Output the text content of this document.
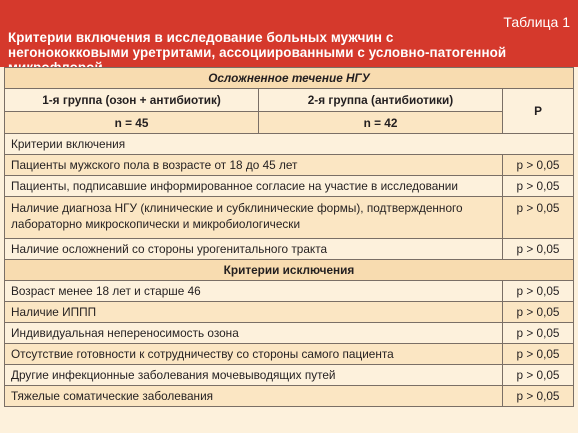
Таблица 1
Критерии включения в исследование больных мужчин с негонококковыми уретритами, ассоциированными с условно-патогенной
Осложненное течение НГУ		
1-я группа (озон + антибиотик)	2-я группа (антибиотики)	Р
n = 45	n = 42	
Критерии включения		
Пациенты мужского пола в возрасте от 18 до 45 лет		p > 0,05
Пациенты, подписавшие информированное согласие на участие в исследовании		p > 0,05
Наличие диагноза НГУ (клинические и субклинические формы), подтвержденного лабораторно микроскопически и микробиологически		p > 0,05
Наличие осложнений со стороны урогенитального тракта		p > 0,05
Критерии исключения		
Возраст менее 18 лет и старше 46		p > 0,05
Наличие ИППП		p > 0,05
Индивидуальная непереносимость озона		p > 0,05
Отсутствие готовности к сотрудничеству со стороны самого пациента		p > 0,05
Другие инфекционные заболевания мочевыводящих путей		p > 0,05
Тяжелые соматические заболевания		p > 0,05
